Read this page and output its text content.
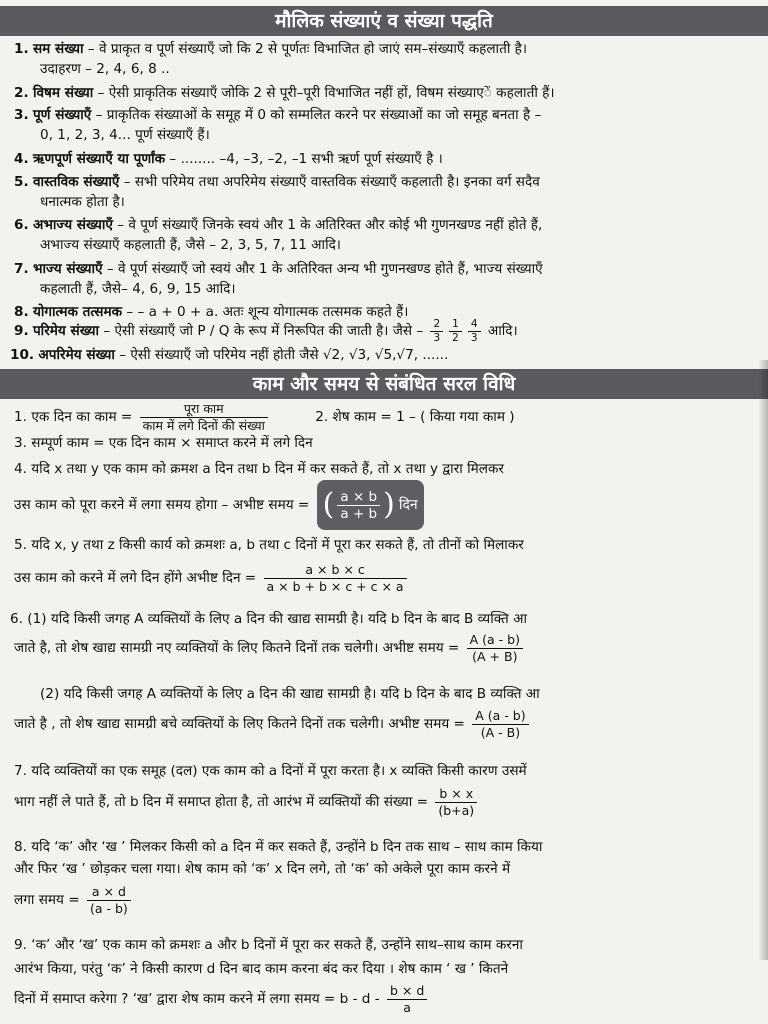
मौलिक संख्याएं व संख्या पद्धति
1. सम संख्या – वे प्राकृत व पूर्ण संख्याएँ जो कि 2 से पूर्णतः विभाजित हो जाएं सम–संख्याएँ कहलाती है।
उदाहरण – 2, 4, 6, 8 ..
2. विषम संख्या – ऐसी प्राकृतिक संख्याएँ जोकि 2 से पूरी–पूरी विभाजित नहीं हों, विषम संख्याएें कहलाती हैं।
3. पूर्ण संख्याएँ – प्राकृतिक संख्याओं के समूह में 0 को सम्मलित करने पर संख्याओं का जो समूह बनता है –
0, 1, 2, 3, 4... पूर्ण संख्याएँ हैं।
4. ऋणपूर्ण संख्याएँ या पूर्णांक – ........ –4, –3, –2, –1 सभी ऋर्ण पूर्ण संख्याएँ है ।
5. वास्तविक संख्याएँ – सभी परिमेय तथा अपरिमेय संख्याएँ वास्तविक संख्याएँ कहलाती है। इनका वर्ग सदैव
धनात्मक होता है।
6. अभाज्य संख्याएँ – वे पूर्ण संख्याएँ जिनके स्वयं और 1 के अतिरिक्त और कोई भी गुणनखण्ड नहीं होते हैं,
अभाज्य संख्याएँ कहलाती हैं, जैसे – 2, 3, 5, 7, 11 आदि।
7. भाज्य संख्याएँ – वे पूर्ण संख्याएँ जो स्वयं और 1 के अतिरिक्त अन्य भी गुणनखण्ड होते हैं, भाज्य संख्याएँ
कहलाती हैं, जैसे– 4, 6, 9, 15 आदि।
8. योगात्मक तत्समक – – a + 0 + a. अतः शून्य योगात्मक तत्समक कहते हैं।
9. परिमेय संख्या – ऐसी संख्याएँ जो P / Q के रूप में निरूपित की जाती है। जैसे – $\frac{2}{3} \frac{1}{2} \frac{4}{3}$ आदि।
10. अपरिमेय संख्या – ऐसी संख्याएँ जो परिमेय नहीं होती जैसे √2, √3, √5,√7, ......
काम और समय से संबंधित सरल विधि
1. एक दिन का काम = $\frac{\text{पूरा काम}}{\text{काम में लगे दिनों की संख्या}}$	2. शेष काम = 1 – ( किया गया काम )
3. सम्पूर्ण काम = एक दिन काम × समाप्त करने में लगे दिन
4. यदि x तथा y एक काम को क्रमश a दिन तथा b दिन में कर सकते हैं, तो x तथा y द्वारा मिलकर
उस काम को पूरा करने में लगा समय होगा – अभीष्ट समय = ( $\frac{a \times b}{a + b}$ ) दिन
5. यदि x, y तथा z किसी कार्य को क्रमशः a, b तथा c दिनों में पूरा कर सकते हैं, तो तीनों को मिलाकर
उस काम को करने में लगे दिन होंगे अभीष्ट दिन = $\frac{a \times b \times c}{a \times b + b \times c + c \times a}$
6. (1) यदि किसी जगह A व्यक्तियों के लिए a दिन की खाद्य सामग्री है। यदि b दिन के बाद B व्यक्ति आ
जाते है, तो शेष खाद्य सामग्री नए व्यक्तियों के लिए कितने दिनों तक चलेगी। अभीष्ट समय = $\frac{A (a - b)}{(A + B)}$
(2) यदि किसी जगह A व्यक्तियों के लिए a दिन की खाद्य सामग्री है। यदि b दिन के बाद B व्यक्ति आ
जाते है , तो शेष खाद्य सामग्री बचे व्यक्तियों के लिए कितने दिनों तक चलेगी। अभीष्ट समय = $\frac{A (a - b)}{(A - B)}$
7. यदि व्यक्तियों का एक समूह (दल) एक काम को a दिनों में पूरा करता है। x व्यक्ति किसी कारण उसमें
भाग नहीं ले पाते हैं, तो b दिन में समाप्त होता है, तो आरंभ में व्यक्तियों की संख्या = $\frac{b \times x}{(b+a)}$
8. यदि ‘क’ और ‘ख ’ मिलकर किसी को a दिन में कर सकते हैं, उन्होंने b दिन तक साथ – साथ काम किया
और फिर ‘ख ’ छोड़कर चला गया। शेष काम को ‘क’ x दिन लगे, तो ‘क’ को अकेले पूरा काम करने में
लगा समय = $\frac{a \times d}{(a - b)}$
9. ‘क’ और ‘ख’ एक काम को क्रमशः a और b दिनों में पूरा कर सकते हैं, उन्होंने साथ–साथ काम करना
आरंभ किया, परंतु ‘क’ ने किसी कारण d दिन बाद काम करना बंद कर दिया । शेष काम ‘ ख ’ कितने
दिनों में समाप्त करेगा ? ‘ख’ द्वारा शेष काम करने में लगा समय = b - d - $\frac{b \times d}{a}$
